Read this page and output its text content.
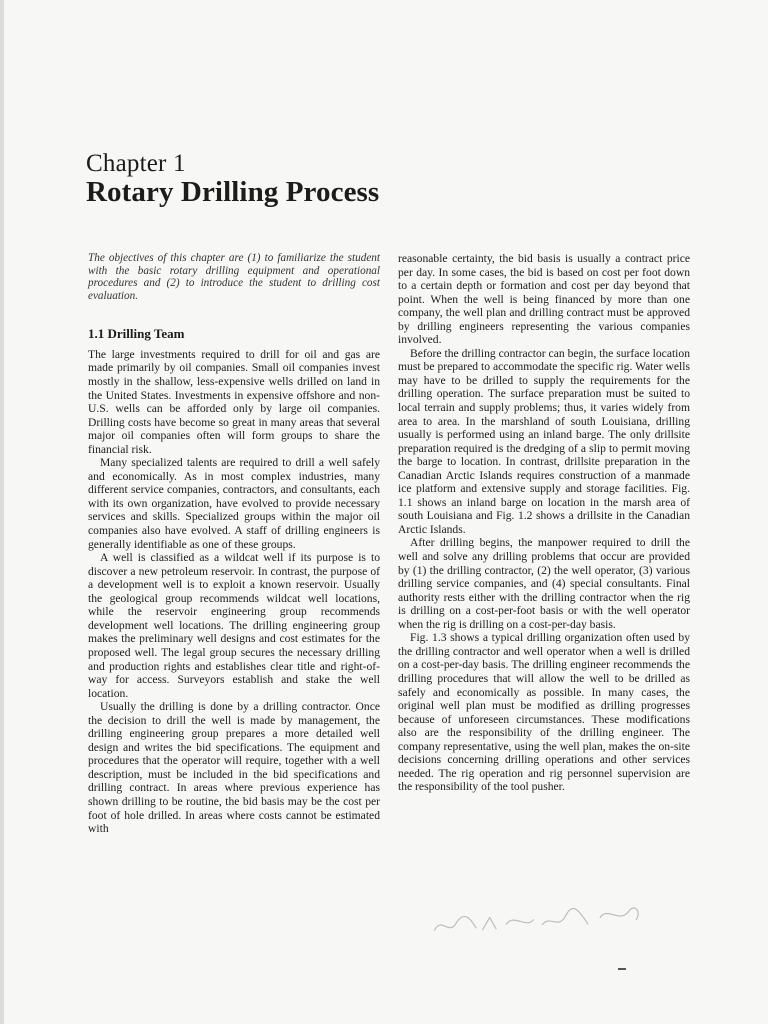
Chapter 1
Rotary Drilling Process

The objectives of this chapter are (1) to familiarize the student with the basic rotary drilling equipment and operational procedures and (2) to introduce the student to drilling cost evaluation.

1.1 Drilling Team

The large investments required to drill for oil and gas are made primarily by oil companies. Small oil companies invest mostly in the shallow, less-expensive wells drilled on land in the United States. Investments in expensive offshore and non-U.S. wells can be afforded only by large oil companies. Drilling costs have become so great in many areas that several major oil companies often will form groups to share the financial risk.

Many specialized talents are required to drill a well safely and economically. As in most complex industries, many different service companies, contractors, and consultants, each with its own organization, have evolved to provide necessary services and skills. Specialized groups within the major oil companies also have evolved. A staff of drilling engineers is generally identifiable as one of these groups.

A well is classified as a wildcat well if its purpose is to discover a new petroleum reservoir. In contrast, the purpose of a development well is to exploit a known reservoir. Usually the geological group recommends wildcat well locations, while the reservoir engineering group recommends development well locations. The drilling engineering group makes the preliminary well designs and cost estimates for the proposed well. The legal group secures the necessary drilling and production rights and establishes clear title and right-of-way for access. Surveyors establish and stake the well location.

Usually the drilling is done by a drilling contractor. Once the decision to drill the well is made by management, the drilling engineering group prepares a more detailed well design and writes the bid specifications. The equipment and procedures that the operator will require, together with a well description, must be included in the bid specifications and drilling contract. In areas where previous experience has shown drilling to be routine, the bid basis may be the cost per foot of hole drilled. In areas where costs cannot be estimated with

reasonable certainty, the bid basis is usually a contract price per day. In some cases, the bid is based on cost per foot down to a certain depth or formation and cost per day beyond that point. When the well is being financed by more than one company, the well plan and drilling contract must be approved by drilling engineers representing the various companies involved.

Before the drilling contractor can begin, the surface location must be prepared to accommodate the specific rig. Water wells may have to be drilled to supply the requirements for the drilling operation. The surface preparation must be suited to local terrain and supply problems; thus, it varies widely from area to area. In the marshland of south Louisiana, drilling usually is performed using an inland barge. The only drillsite preparation required is the dredging of a slip to permit moving the barge to location. In contrast, drillsite preparation in the Canadian Arctic Islands requires construction of a manmade ice platform and extensive supply and storage facilities. Fig. 1.1 shows an inland barge on location in the marsh area of south Louisiana and Fig. 1.2 shows a drillsite in the Canadian Arctic Islands.

After drilling begins, the manpower required to drill the well and solve any drilling problems that occur are provided by (1) the drilling contractor, (2) the well operator, (3) various drilling service companies, and (4) special consultants. Final authority rests either with the drilling contractor when the rig is drilling on a cost-per-foot basis or with the well operator when the rig is drilling on a cost-per-day basis.

Fig. 1.3 shows a typical drilling organization often used by the drilling contractor and well operator when a well is drilled on a cost-per-day basis. The drilling engineer recommends the drilling procedures that will allow the well to be drilled as safely and economically as possible. In many cases, the original well plan must be modified as drilling progresses because of unforeseen circumstances. These modifications also are the responsibility of the drilling engineer. The company representative, using the well plan, makes the on-site decisions concerning drilling operations and other services needed. The rig operation and rig personnel supervision are the responsibility of the tool pusher.
